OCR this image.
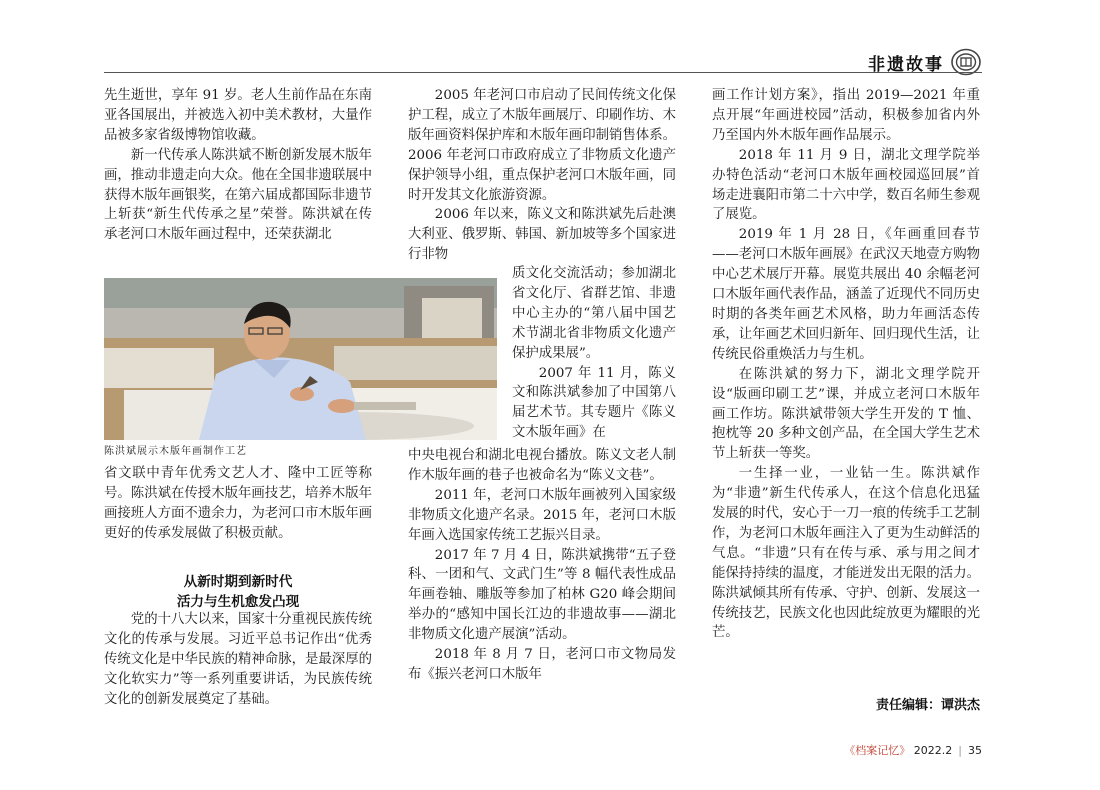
非遗故事

先生逝世，享年 91 岁。老人生前作品在东南亚各国展出，并被选入初中美术教材，大量作品被多家省级博物馆收藏。

新一代传承人陈洪斌不断创新发展木版年画，推动非遗走向大众。他在全国非遗联展中获得木版年画银奖，在第六届成都国际非遗节上斩获“新生代传承之星”荣誉。陈洪斌在传承老河口木版年画过程中，还荣获湖北

陈洪斌展示木版年画制作工艺

省文联中青年优秀文艺人才、隆中工匠等称号。陈洪斌在传授木版年画技艺，培养木版年画接班人方面不遗余力，为老河口市木版年画更好的传承发展做了积极贡献。

从新时期到新时代
活力与生机愈发凸现

党的十八大以来，国家十分重视民族传统文化的传承与发展。习近平总书记作出“优秀传统文化是中华民族的精神命脉，是最深厚的文化软实力”等一系列重要讲话，为民族传统文化的创新发展奠定了基础。

2005 年老河口市启动了民间传统文化保护工程，成立了木版年画展厅、印刷作坊、木版年画资料保护库和木版年画印制销售体系。2006 年老河口市政府成立了非物质文化遗产保护领导小组，重点保护老河口木版年画，同时开发其文化旅游资源。

2006 年以来，陈义文和陈洪斌先后赴澳大利亚、俄罗斯、韩国、新加坡等多个国家进行非物

质文化交流活动；参加湖北省文化厅、省群艺馆、非遗中心主办的“第八届中国艺术节湖北省非物质文化遗产保护成果展”。

2007 年 11 月，陈义文和陈洪斌参加了中国第八届艺术节。其专题片《陈义文木版年画》在

中央电视台和湖北电视台播放。陈义文老人制作木版年画的巷子也被命名为“陈义文巷”。

2011 年，老河口木版年画被列入国家级非物质文化遗产名录。2015 年，老河口木版年画入选国家传统工艺振兴目录。

2017 年 7 月 4 日，陈洪斌携带“五子登科、一团和气、文武门生”等 8 幅代表性成品年画卷轴、雕版等参加了柏林 G20 峰会期间举办的“感知中国长江边的非遗故事——湖北非物质文化遗产展演”活动。

2018 年 8 月 7 日，老河口市文物局发布《振兴老河口木版年

画工作计划方案》，指出 2019—2021 年重点开展“年画进校园”活动，积极参加省内外乃至国内外木版年画作品展示。

2018 年 11 月 9 日，湖北文理学院举办特色活动“老河口木版年画校园巡回展”首场走进襄阳市第二十六中学，数百名师生参观了展览。

2019 年 1 月 28 日，《年画重回春节——老河口木版年画展》在武汉天地壹方购物中心艺术展厅开幕。展览共展出 40 余幅老河口木版年画代表作品，涵盖了近现代不同历史时期的各类年画艺术风格，助力年画活态传承，让年画艺术回归新年、回归现代生活，让传统民俗重焕活力与生机。

在陈洪斌的努力下，湖北文理学院开设“版画印刷工艺”课，并成立老河口木版年画工作坊。陈洪斌带领大学生开发的 T 恤、抱枕等 20 多种文创产品，在全国大学生艺术节上斩获一等奖。

一生择一业，一业钻一生。陈洪斌作为“非遗”新生代传承人，在这个信息化迅猛发展的时代，安心于一刀一痕的传统手工艺制作，为老河口木版年画注入了更为生动鲜活的气息。“非遗”只有在传与承、承与用之间才能保持持续的温度，才能迸发出无限的活力。陈洪斌倾其所有传承、守护、创新、发展这一传统技艺，民族文化也因此绽放更为耀眼的光芒。

责任编辑：谭洪杰
《档案记忆》 2022.2 | 35
